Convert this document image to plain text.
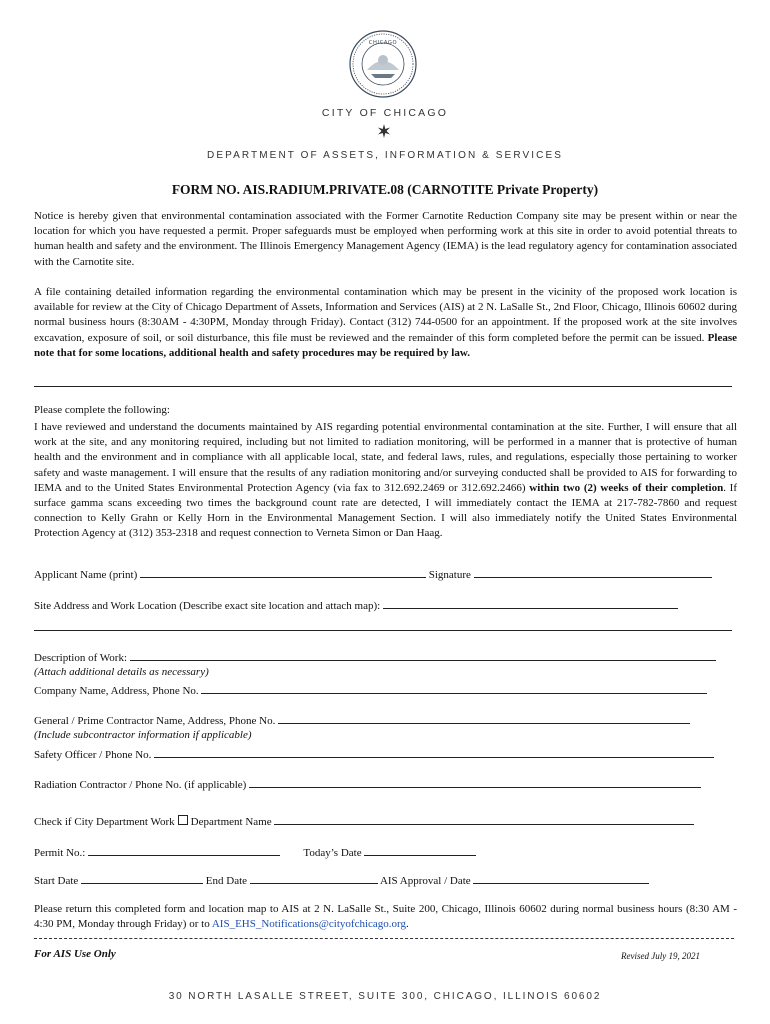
CHICAGO
CITY OF CHICAGO
DEPARTMENT OF ASSETS, INFORMATION & SERVICES
FORM NO. AIS.RADIUM.PRIVATE.08 (CARNOTITE Private Property)
Notice is hereby given that environmental contamination associated with the Former Carnotite Reduction Company site may be present within or near the location for which you have requested a permit. Proper safeguards must be employed when performing work at this site in order to avoid potential threats to human health and safety and the environment. The Illinois Emergency Management Agency (IEMA) is the lead regulatory agency for contamination associated with the Carnotite site.
A file containing detailed information regarding the environmental contamination which may be present in the vicinity of the proposed work location is available for review at the City of Chicago Department of Assets, Information and Services (AIS) at 2 N. LaSalle St., 2nd Floor, Chicago, Illinois 60602 during normal business hours (8:30AM - 4:30PM, Monday through Friday). Contact (312) 744-0500 for an appointment. If the proposed work at the site involves excavation, exposure of soil, or soil disturbance, this file must be reviewed and the remainder of this form completed before the permit can be issued. Please note that for some locations, additional health and safety procedures may be required by law.
Please complete the following:
I have reviewed and understand the documents maintained by AIS regarding potential environmental contamination at the site. Further, I will ensure that all work at the site, and any monitoring required, including but not limited to radiation monitoring, will be performed in a manner that is protective of human health and the environment and in compliance with all applicable local, state, and federal laws, rules, and regulations, especially those pertaining to worker safety and waste management. I will ensure that the results of any radiation monitoring and/or surveying conducted shall be provided to AIS for forwarding to IEMA and to the United States Environmental Protection Agency (via fax to 312.692.2469 or 312.692.2466) within two (2) weeks of their completion. If surface gamma scans exceeding two times the background count rate are detected, I will immediately contact the IEMA at 217-782-7860 and request connection to Kelly Grahn or Kelly Horn in the Environmental Management Section. I will also immediately notify the United States Environmental Protection Agency at (312) 353-2318 and request connection to Verneta Simon or Dan Haag.
Applicant Name (print)	Signature
Site Address and Work Location (Describe exact site location and attach map):
Description of Work:
(Attach additional details as necessary)
Company Name, Address, Phone No.
General / Prime Contractor Name, Address, Phone No.
(Include subcontractor information if applicable)
Safety Officer / Phone No.
Radiation Contractor / Phone No. (if applicable)
Check if City Department Work Department Name
Permit No.:	Today’s Date
Start Date	End Date	AIS Approval / Date
Please return this completed form and location map to AIS at 2 N. LaSalle St., Suite 200, Chicago, Illinois 60602 during normal business hours (8:30 AM - 4:30 PM, Monday through Friday) or to AIS_EHS_Notifications@cityofchicago.org.
For AIS Use Only	Revised July 19, 2021
30 NORTH LASALLE STREET, SUITE 300, CHICAGO, ILLINOIS 60602
